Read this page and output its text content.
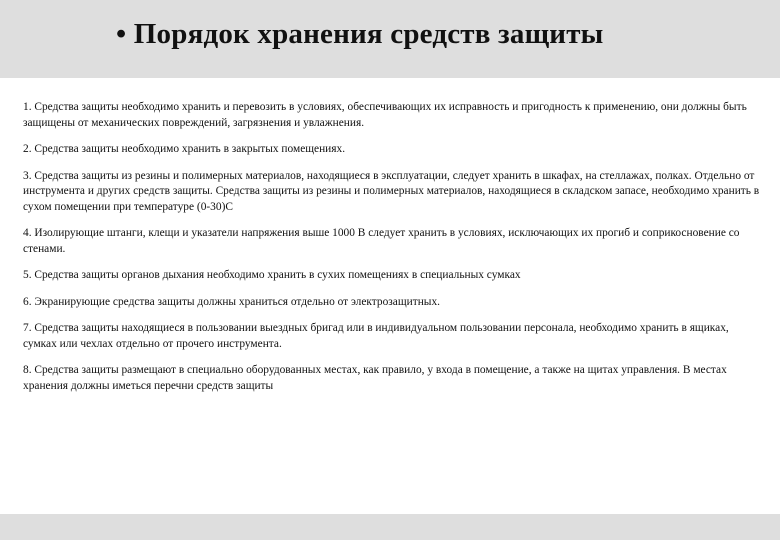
• Порядок хранения средств защиты

1. Средства защиты необходимо хранить и перевозить в условиях, обеспечивающих их исправность и пригодность к применению, они должны быть защищены от механических повреждений, загрязнения и увлажнения.

2. Средства защиты необходимо хранить в закрытых помещениях.

3. Средства защиты из резины и полимерных материалов, находящиеся в эксплуатации, следует хранить в шкафах, на стеллажах, полках. Отдельно от инструмента и других средств защиты. Средства защиты из резины и полимерных материалов, находящиеся в складском запасе, необходимо хранить в сухом помещении при температуре (0-30)С

4. Изолирующие штанги, клещи и указатели напряжения выше 1000 В следует хранить в условиях, исключающих их прогиб и соприкосновение со стенами.

5. Средства защиты органов дыхания необходимо хранить в сухих помещениях в специальных сумках

6. Экранирующие средства защиты должны храниться отдельно от электрозащитных.

7. Средства защиты находящиеся в пользовании выездных бригад или в индивидуальном пользовании персонала, необходимо хранить в ящиках, сумках или чехлах отдельно от прочего инструмента.

8. Средства защиты размещают в специально оборудованных местах, как правило, у входа в помещение, а также на щитах управления. В местах хранения должны иметься перечни средств защиты
